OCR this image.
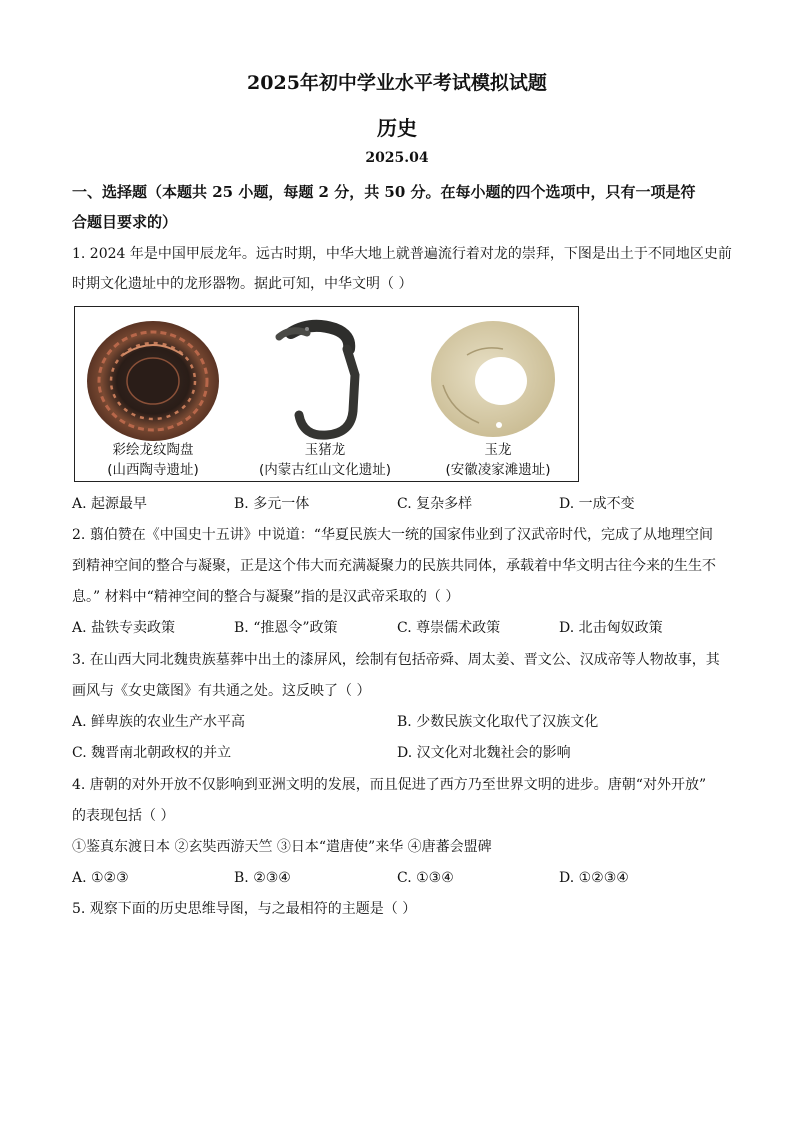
2025年初中学业水平考试模拟试题
历史
2025.04
一、选择题（本题共 25 小题，每题 2 分，共 50 分。在每小题的四个选项中，只有一项是符
合题目要求的）
1. 2024 年是中国甲辰龙年。远古时期，中华大地上就普遍流行着对龙的崇拜，下图是出土于不同地区史前
时期文化遗址中的龙形器物。据此可知，中华文明（ ）
彩绘龙纹陶盘
(山西陶寺遗址)
玉猪龙
(内蒙古红山文化遗址)
玉龙
(安徽凌家滩遗址)
A. 起源最早	B. 多元一体	C. 复杂多样	D. 一成不变
2. 翦伯赞在《中国史十五讲》中说道：“华夏民族大一统的国家伟业到了汉武帝时代，完成了从地理空间
到精神空间的整合与凝聚，正是这个伟大而充满凝聚力的民族共同体，承载着中华文明古往今来的生生不
息。” 材料中“精神空间的整合与凝聚”指的是汉武帝采取的（ ）
A. 盐铁专卖政策	B. “推恩令”政策	C. 尊崇儒术政策	D. 北击匈奴政策
3. 在山西大同北魏贵族墓葬中出土的漆屏风，绘制有包括帝舜、周太姜、晋文公、汉成帝等人物故事，其
画风与《女史箴图》有共通之处。这反映了（ ）
A. 鲜卑族的农业生产水平高	B. 少数民族文化取代了汉族文化
C. 魏晋南北朝政权的并立	D. 汉文化对北魏社会的影响
4. 唐朝的对外开放不仅影响到亚洲文明的发展，而且促进了西方乃至世界文明的进步。唐朝“对外开放”
的表现包括（ ）
①鉴真东渡日本 ②玄奘西游天竺 ③日本“遣唐使”来华 ④唐蕃会盟碑
A. ①②③	B. ②③④	C. ①③④	D. ①②③④
5. 观察下面的历史思维导图，与之最相符的主题是（ ）
